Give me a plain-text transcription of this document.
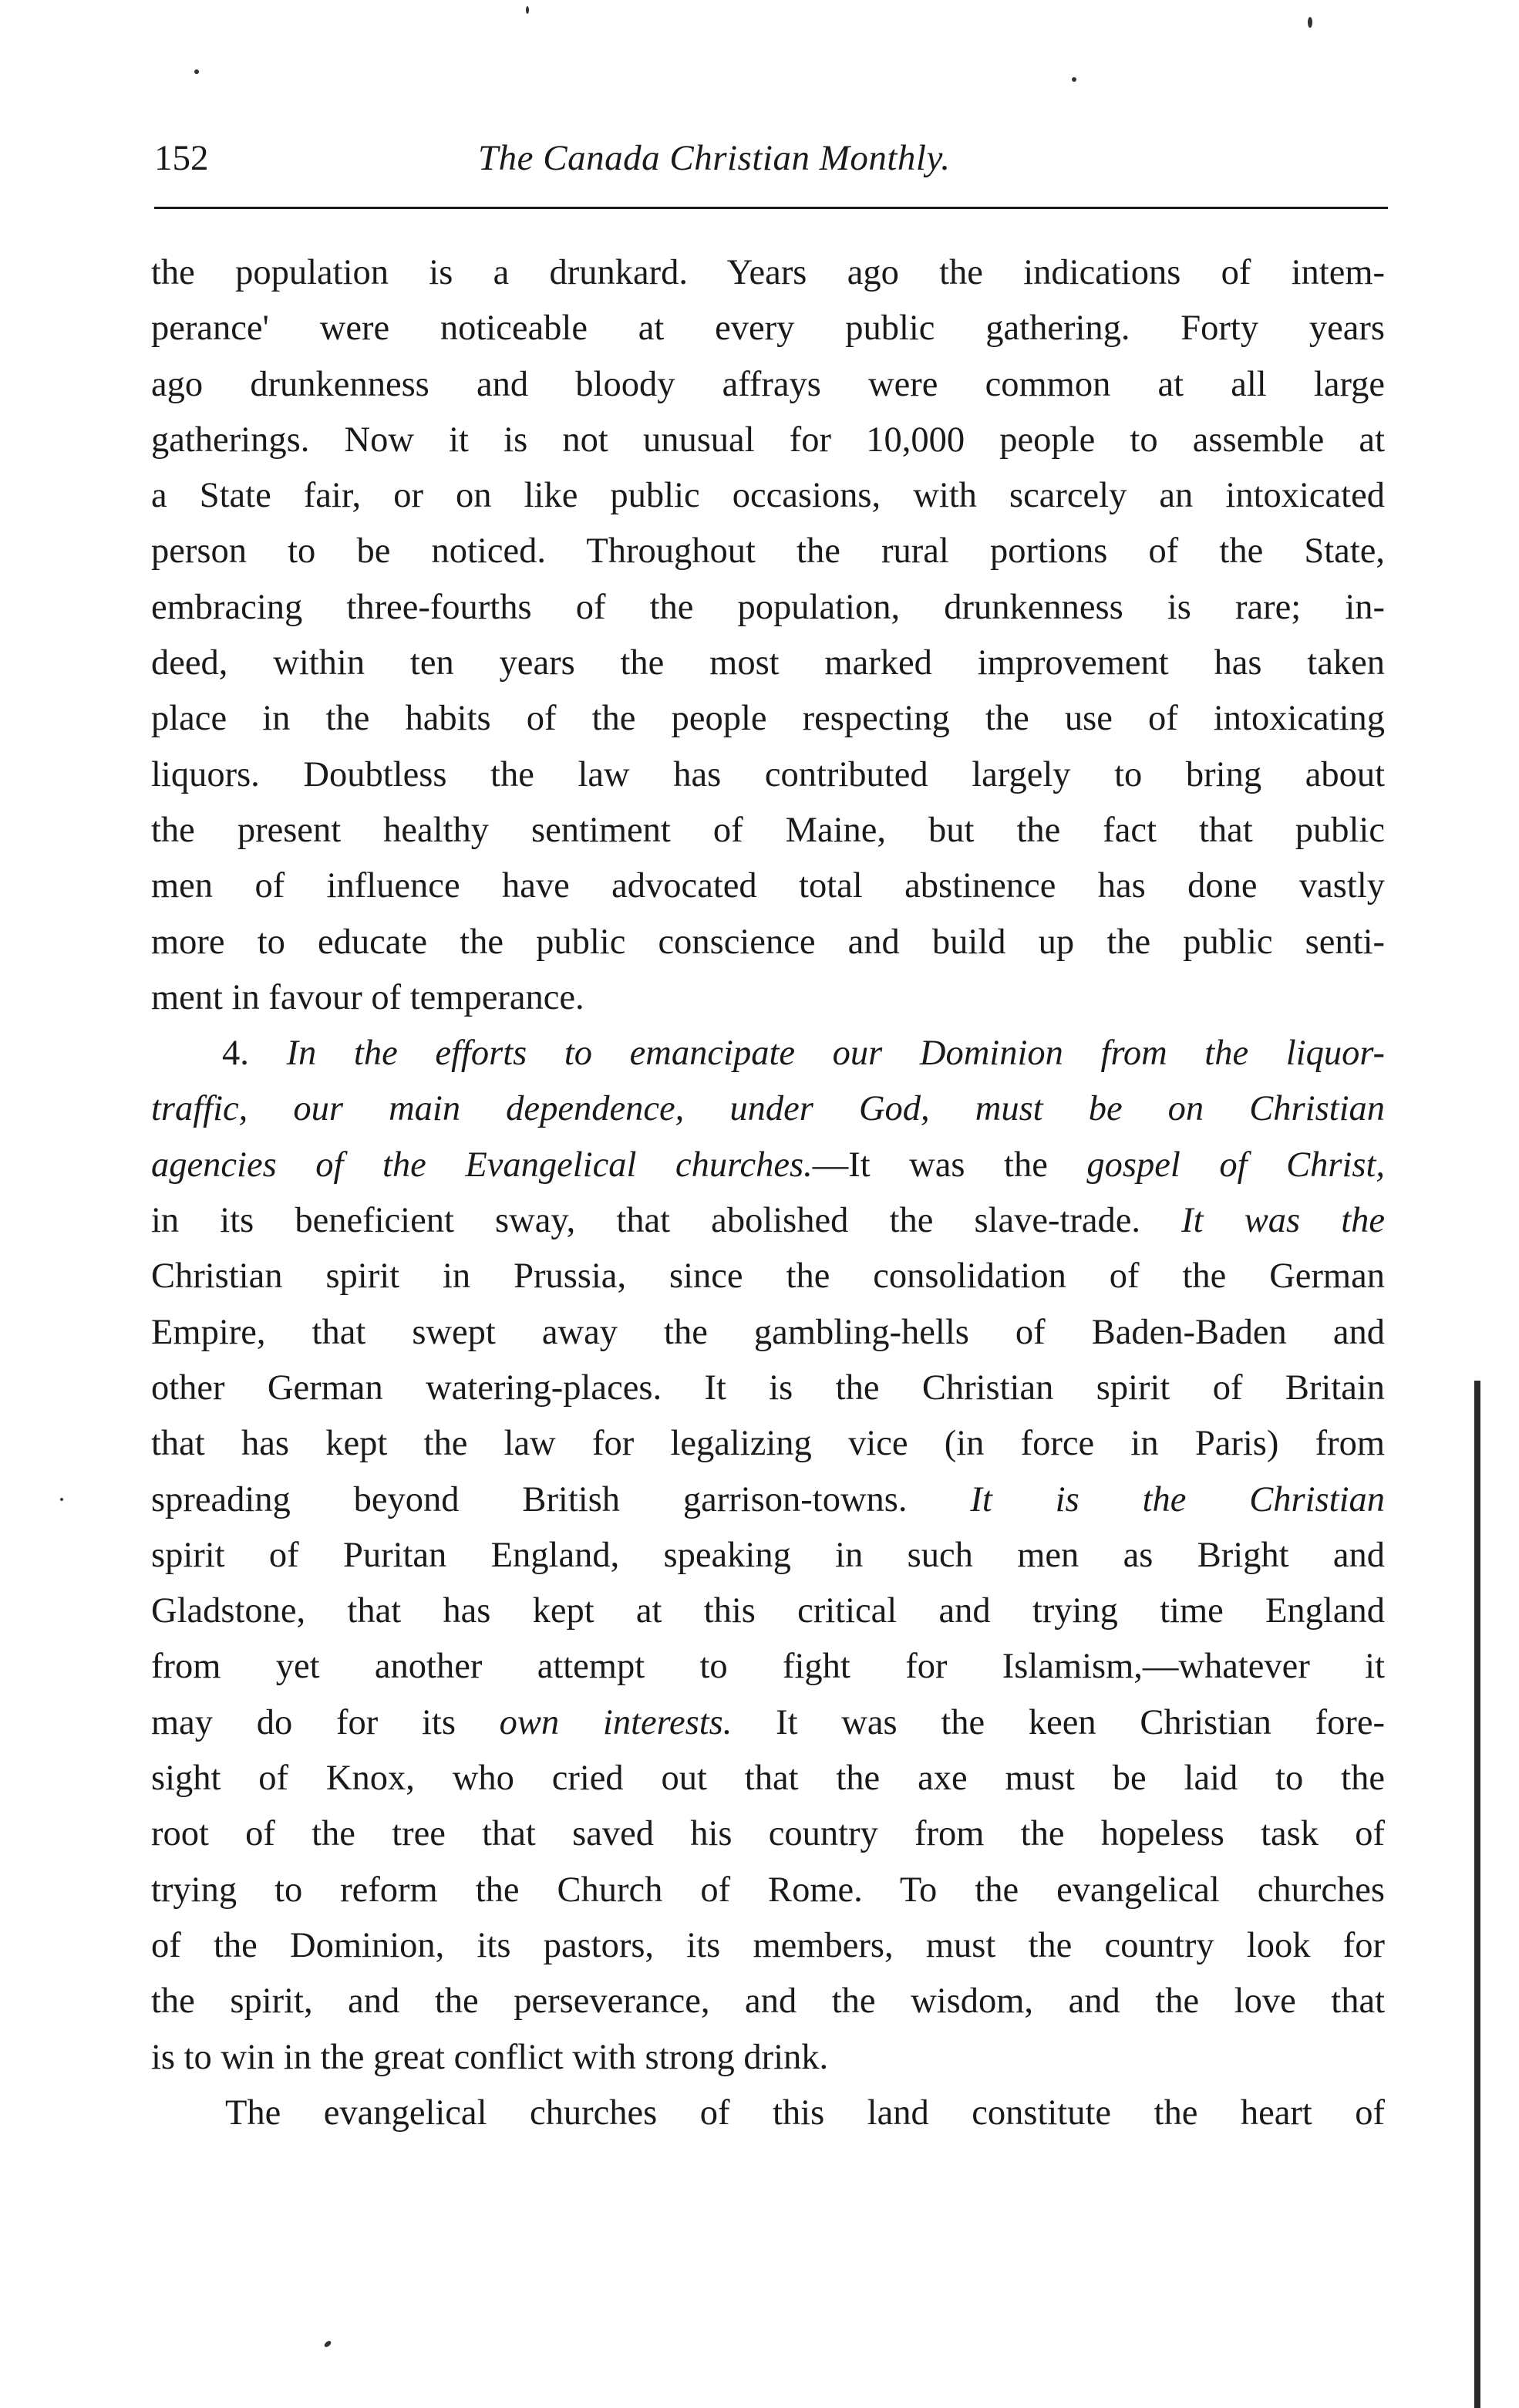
152	The Canada Christian Monthly.
the population is a drunkard. Years ago the indications of intem-
perance' were noticeable at every public gathering. Forty years
ago drunkenness and bloody affrays were common at all large
gatherings. Now it is not unusual for 10,000 people to assemble at
a State fair, or on like public occasions, with scarcely an intoxicated
person to be noticed. Throughout the rural portions of the State,
embracing three-fourths of the population, drunkenness is rare; in-
deed, within ten years the most marked improvement has taken
place in the habits of the people respecting the use of intoxicating
liquors. Doubtless the law has contributed largely to bring about
the present healthy sentiment of Maine, but the fact that public
men of influence have advocated total abstinence has done vastly
more to educate the public conscience and build up the public senti-
ment in favour of temperance.
4. In the efforts to emancipate our Dominion from the liquor-
traffic, our main dependence, under God, must be on Christian
agencies of the Evangelical churches.—It was the gospel of Christ,
in its beneficient sway, that abolished the slave-trade. It was the
Christian spirit in Prussia, since the consolidation of the German
Empire, that swept away the gambling-hells of Baden-Baden and
other German watering-places. It is the Christian spirit of Britain
that has kept the law for legalizing vice (in force in Paris) from
spreading beyond British garrison-towns. It is the Christian
spirit of Puritan England, speaking in such men as Bright and
Gladstone, that has kept at this critical and trying time England
from yet another attempt to fight for Islamism,—whatever it
may do for its own interests. It was the keen Christian fore-
sight of Knox, who cried out that the axe must be laid to the
root of the tree that saved his country from the hopeless task of
trying to reform the Church of Rome. To the evangelical churches
of the Dominion, its pastors, its members, must the country look for
the spirit, and the perseverance, and the wisdom, and the love that
is to win in the great conflict with strong drink.
The evangelical churches of this land constitute the heart of
